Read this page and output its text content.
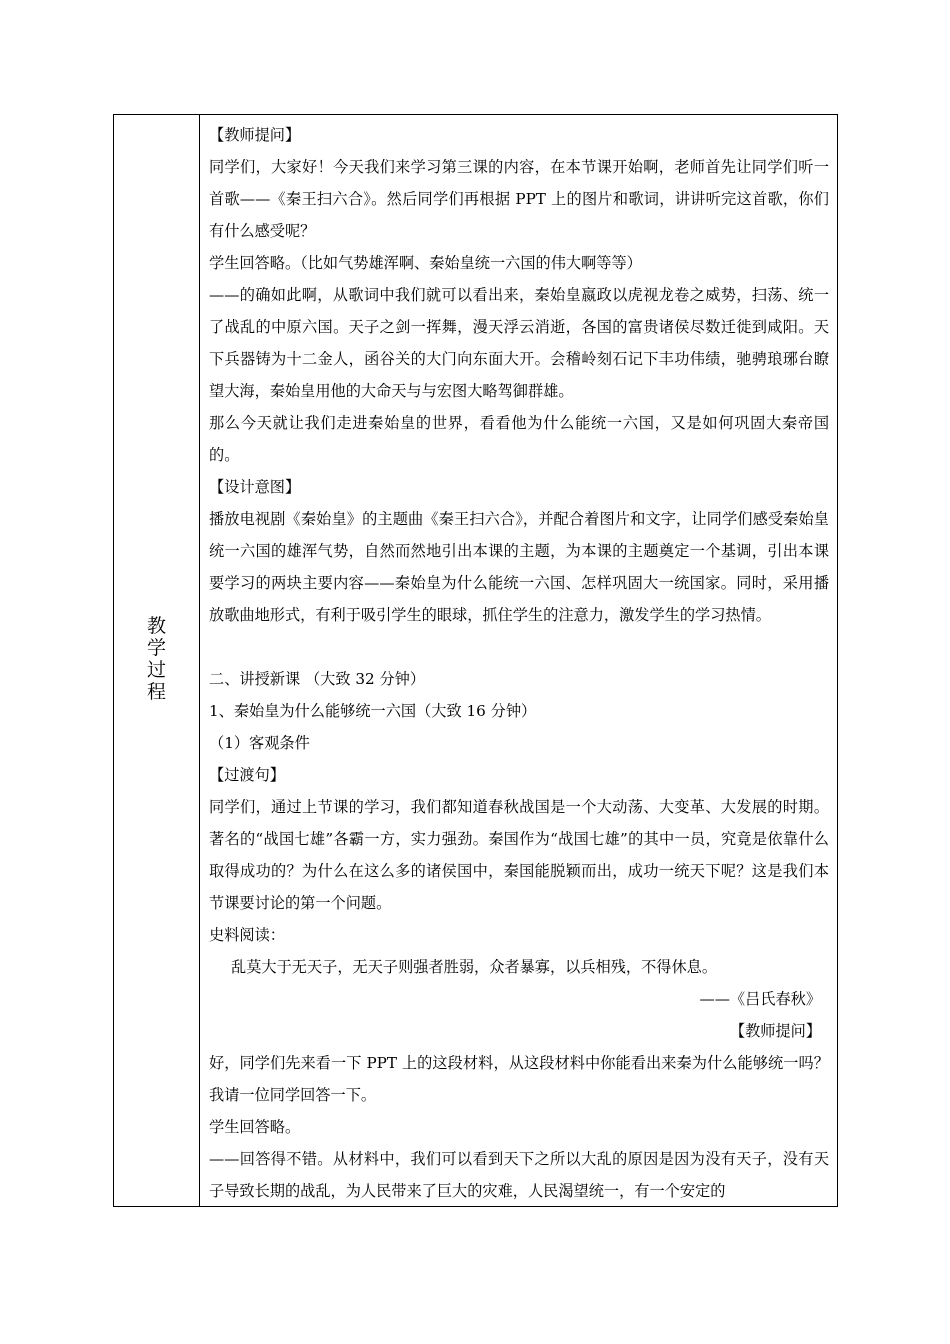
教
学
过
程

【教师提问】

同学们，大家好！今天我们来学习第三课的内容，在本节课开始啊，老师首先让同学们听一首歌——《秦王扫六合》。然后同学们再根据 PPT 上的图片和歌词，讲讲听完这首歌，你们有什么感受呢？

学生回答略。（比如气势雄浑啊、秦始皇统一六国的伟大啊等等）

——的确如此啊，从歌词中我们就可以看出来，秦始皇嬴政以虎视龙卷之威势，扫荡、统一了战乱的中原六国。天子之剑一挥舞，漫天浮云消逝，各国的富贵诸侯尽数迁徙到咸阳。天下兵器铸为十二金人，函谷关的大门向东面大开。会稽岭刻石记下丰功伟绩，驰骋琅琊台瞭望大海，秦始皇用他的大命天与与宏图大略驾御群雄。

那么今天就让我们走进秦始皇的世界，看看他为什么能统一六国，又是如何巩固大秦帝国的。

【设计意图】

播放电视剧《秦始皇》的主题曲《秦王扫六合》，并配合着图片和文字，让同学们感受秦始皇统一六国的雄浑气势，自然而然地引出本课的主题，为本课的主题奠定一个基调，引出本课要学习的两块主要内容——秦始皇为什么能统一六国、怎样巩固大一统国家。同时，采用播放歌曲地形式，有利于吸引学生的眼球，抓住学生的注意力，激发学生的学习热情。

二、讲授新课 （大致 32 分钟）

1、秦始皇为什么能够统一六国（大致 16 分钟）

（1）客观条件

【过渡句】

同学们，通过上节课的学习，我们都知道春秋战国是一个大动荡、大变革、大发展的时期。著名的“战国七雄”各霸一方，实力强劲。秦国作为“战国七雄”的其中一员，究竟是依靠什么取得成功的？为什么在这么多的诸侯国中，秦国能脱颖而出，成功一统天下呢？这是我们本节课要讨论的第一个问题。

史料阅读：

乱莫大于无天子，无天子则强者胜弱，众者暴寡，以兵相残，不得休息。

——《吕氏春秋》

【教师提问】

好，同学们先来看一下 PPT 上的这段材料，从这段材料中你能看出来秦为什么能够统一吗？我请一位同学回答一下。

学生回答略。

——回答得不错。从材料中，我们可以看到天下之所以大乱的原因是因为没有天子，没有天子导致长期的战乱，为人民带来了巨大的灾难，人民渴望统一，有一个安定的
